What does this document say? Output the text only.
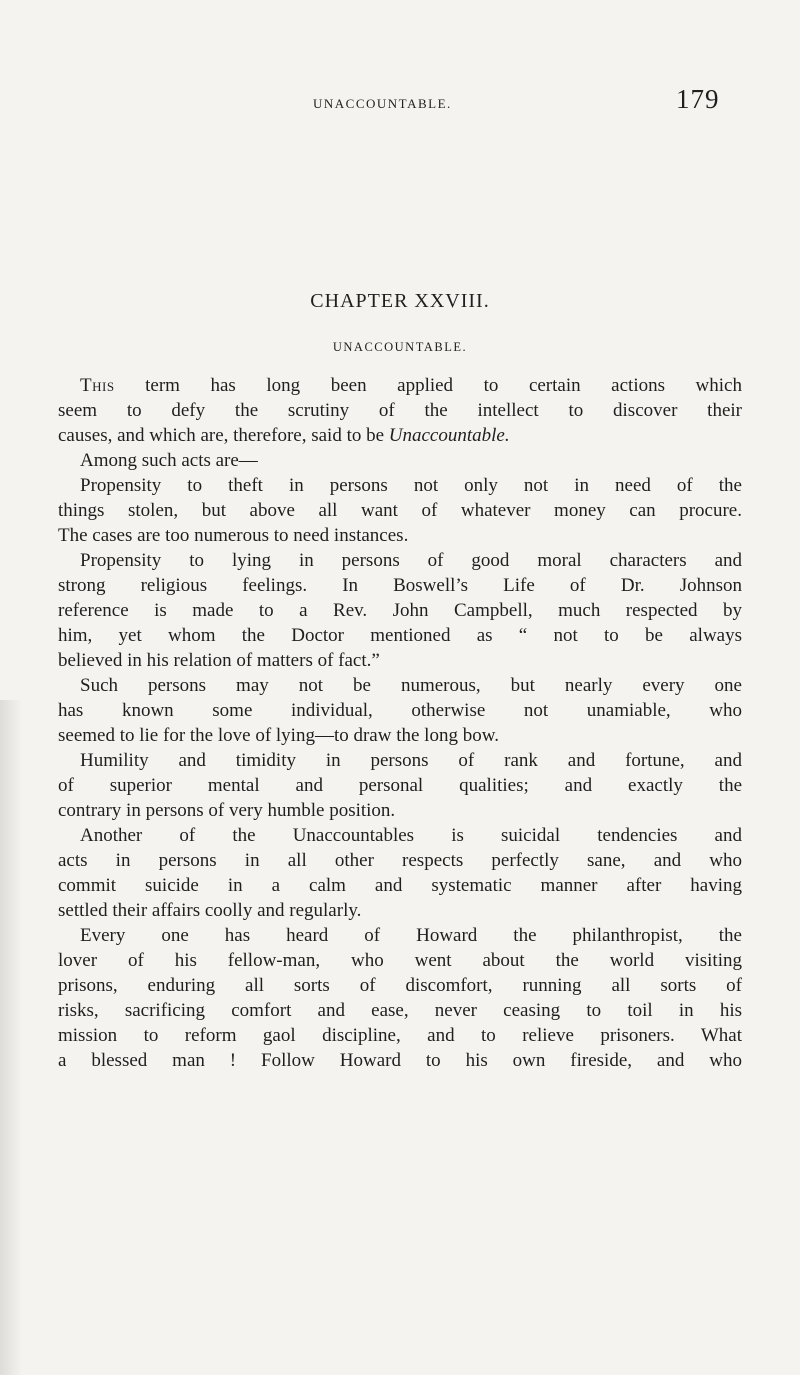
UNACCOUNTABLE.	179
CHAPTER XXVIII.
UNACCOUNTABLE.

This term has long been applied to certain actions which
seem to defy the scrutiny of the intellect to discover their
causes, and which are, therefore, said to be Unaccountable.

Among such acts are—

Propensity to theft in persons not only not in need of the
things stolen, but above all want of whatever money can procure.
The cases are too numerous to need instances.

Propensity to lying in persons of good moral characters and
strong religious feelings. In Boswell’s Life of Dr. Johnson
reference is made to a Rev. John Campbell, much respected by
him, yet whom the Doctor mentioned as “ not to be always
believed in his relation of matters of fact.”

Such persons may not be numerous, but nearly every one
has known some individual, otherwise not unamiable, who
seemed to lie for the love of lying—to draw the long bow.

Humility and timidity in persons of rank and fortune, and
of superior mental and personal qualities; and exactly the
contrary in persons of very humble position.

Another of the Unaccountables is suicidal tendencies and
acts in persons in all other respects perfectly sane, and who
commit suicide in a calm and systematic manner after having
settled their affairs coolly and regularly.

Every one has heard of Howard the philanthropist, the
lover of his fellow-man, who went about the world visiting
prisons, enduring all sorts of discomfort, running all sorts of
risks, sacrificing comfort and ease, never ceasing to toil in his
mission to reform gaol discipline, and to relieve prisoners. What
a blessed man ! Follow Howard to his own fireside, and who
